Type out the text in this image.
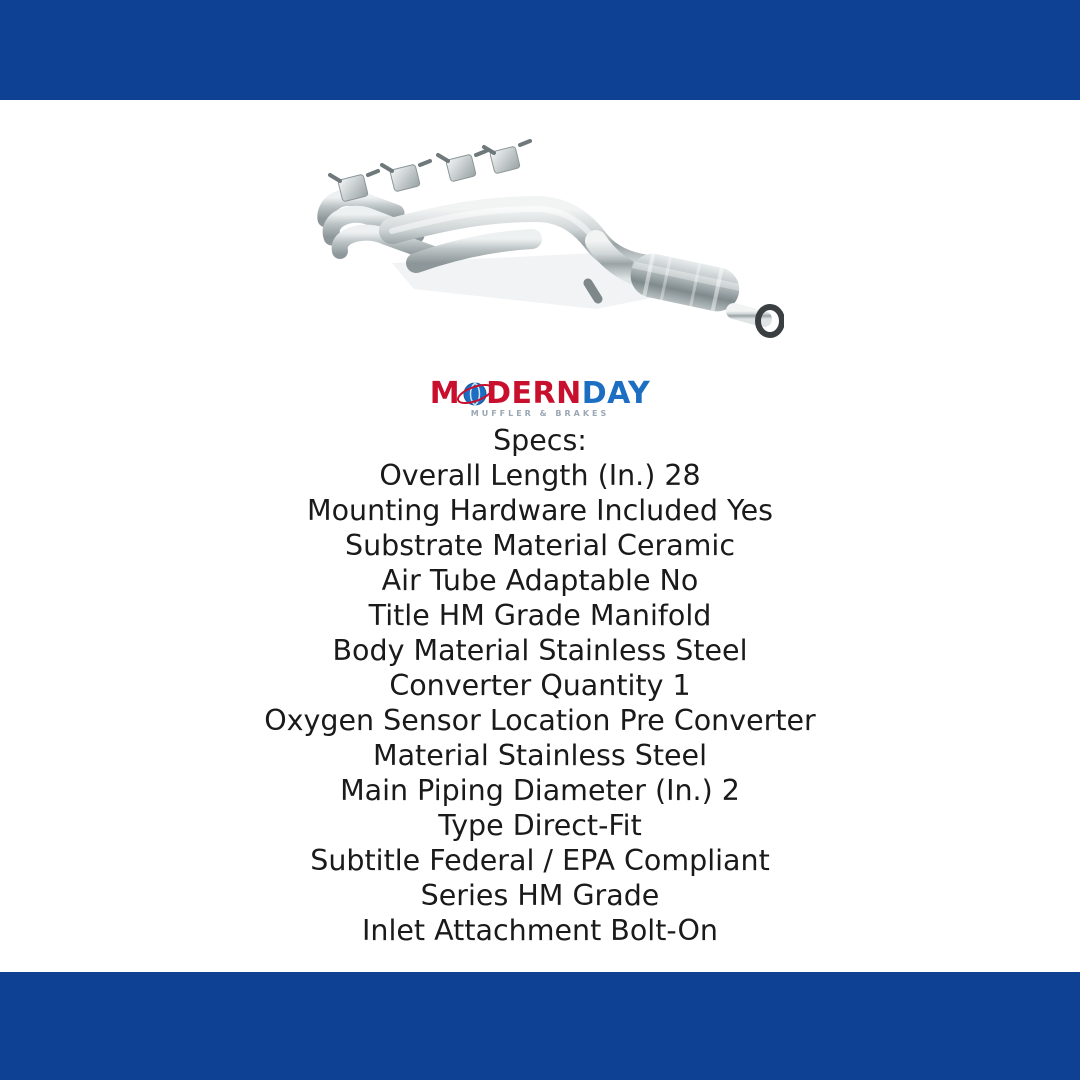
M DERNDAY
MUFFLER & BRAKES
Specs:
Overall Length (In.) 28
Mounting Hardware Included Yes
Substrate Material Ceramic
Air Tube Adaptable No
Title HM Grade Manifold
Body Material Stainless Steel
Converter Quantity 1
Oxygen Sensor Location Pre Converter
Material Stainless Steel
Main Piping Diameter (In.) 2
Type Direct-Fit
Subtitle Federal / EPA Compliant
Series HM Grade
Inlet Attachment Bolt-On
